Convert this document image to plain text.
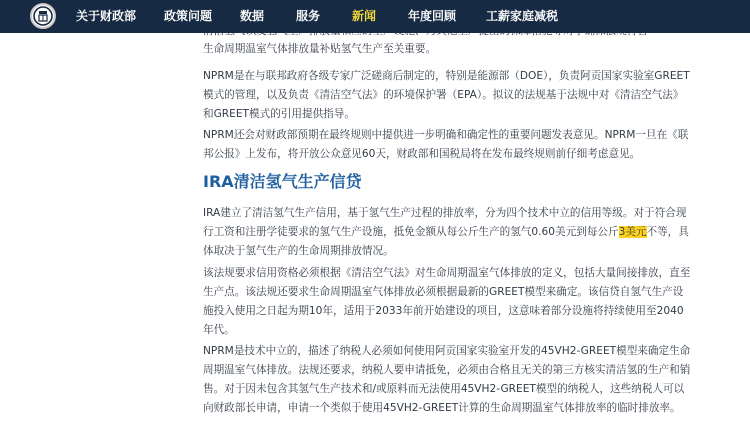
关于财政部 政策问题 数据	服务	新闻	年度回顾 工薪家庭减税

生命周期温室气体排放量补贴氢气生产至关重要。

NPRM是在与联邦政府各级专家广泛磋商后制定的，特别是能源部（DOE），负责阿贡国家实验室GREET模式的管理，以及负责《清洁空气法》的环境保护署（EPA）。拟议的法规基于法规中对《清洁空气法》和GREET模式的引用提供指导。

NPRM还会对财政部预期在最终规则中提供进一步明确和确定性的重要问题发表意见。NPRM一旦在《联邦公报》上发布，将开放公众意见60天，财政部和国税局将在发布最终规则前仔细考虑意见。

IRA清洁氢气生产信贷

IRA建立了清洁氢气生产信用，基于氢气生产过程的排放率，分为四个技术中立的信用等级。对于符合现行工资和注册学徒要求的氢气生产设施，抵免金额从每公斤生产的氢气0.60美元到每公斤3美元不等，具体取决于氢气生产的生命周期排放情况。

该法规要求信用资格必须根据《清洁空气法》对生命周期温室气体排放的定义，包括大量间接排放，直至生产点。该法规还要求生命周期温室气体排放必须根据最新的GREET模型来确定。该信贷自氢气生产设施投入使用之日起为期10年，适用于2033年前开始建设的项目，这意味着部分设施将持续使用至2040年代。

NPRM是技术中立的，描述了纳税人必须如何使用阿贡国家实验室开发的45VH2-GREET模型来确定生命周期温室气体排放。法规还要求，纳税人要申请抵免，必须由合格且无关的第三方核实清洁氢的生产和销售。对于因未包含其氢气生产技术和/或原料而无法使用45VH2-GREET模型的纳税人，这些纳税人可以向财政部长申请，申请一个类似于使用45VH2-GREET计算的生命周期温室气体排放率的临时排放率。
